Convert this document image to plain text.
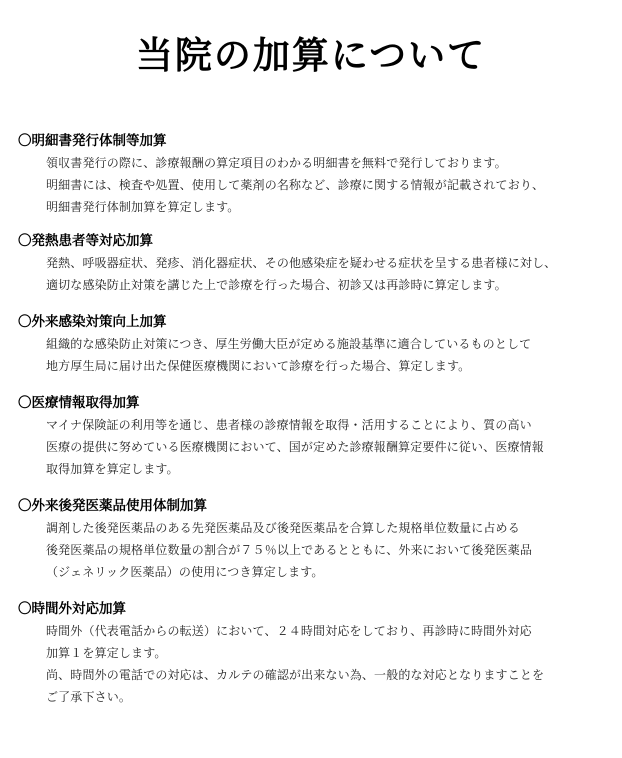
当院の加算について

〇明細書発行体制等加算

領収書発行の際に、診療報酬の算定項目のわかる明細書を無料で発行しております。

明細書には、検査や処置、使用して薬剤の名称など、診療に関する情報が記載されており、

明細書発行体制加算を算定します。

〇発熱患者等対応加算

発熱、呼吸器症状、発疹、消化器症状、その他感染症を疑わせる症状を呈する患者様に対し、

適切な感染防止対策を講じた上で診療を行った場合、初診又は再診時に算定します。

〇外来感染対策向上加算

組織的な感染防止対策につき、厚生労働大臣が定める施設基準に適合しているものとして

地方厚生局に届け出た保健医療機関において診療を行った場合、算定します。

〇医療情報取得加算

マイナ保険証の利用等を通じ、患者様の診療情報を取得・活用することにより、質の高い

医療の提供に努めている医療機関において、国が定めた診療報酬算定要件に従い、医療情報

取得加算を算定します。

〇外来後発医薬品使用体制加算

調剤した後発医薬品のある先発医薬品及び後発医薬品を合算した規格単位数量に占める

後発医薬品の規格単位数量の割合が７５％以上であるとともに、外来において後発医薬品

（ジェネリック医薬品）の使用につき算定します。

〇時間外対応加算

時間外（代表電話からの転送）において、２４時間対応をしており、再診時に時間外対応

加算１を算定します。

尚、時間外の電話での対応は、カルテの確認が出来ない為、一般的な対応となりますことを

ご了承下さい。
